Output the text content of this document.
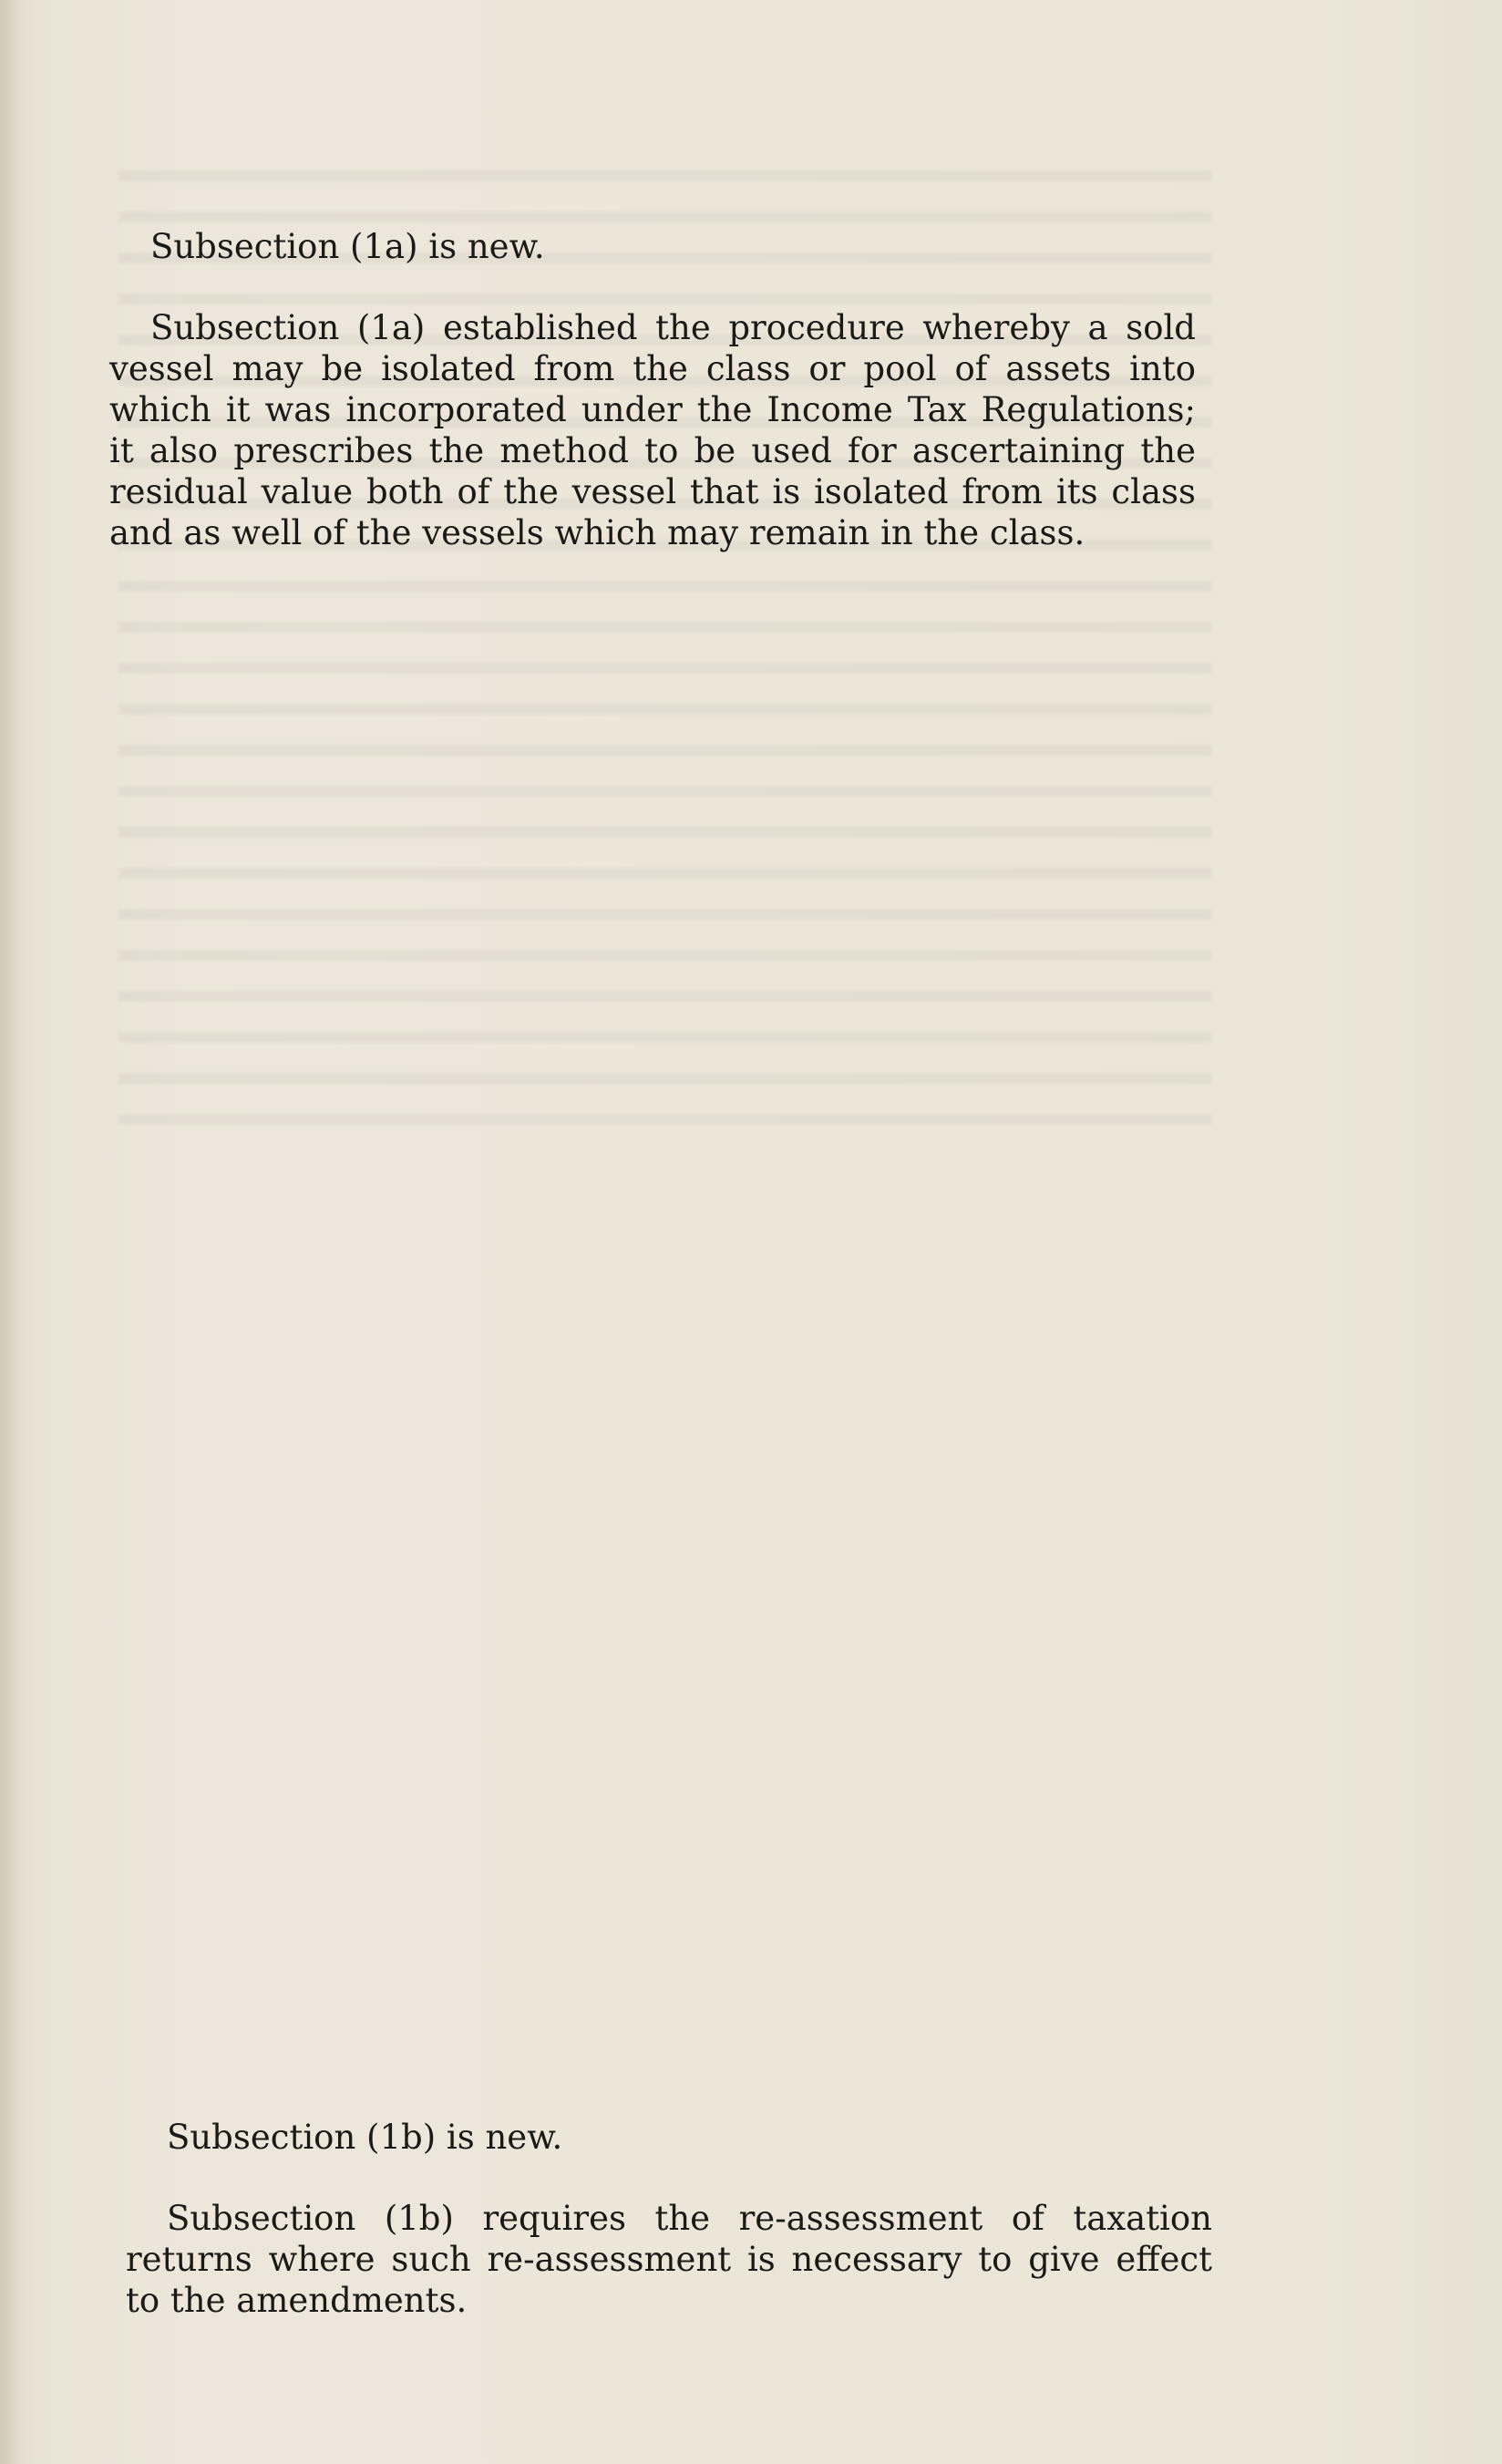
Subsection (1a) is new.

Subsection (1a) established the procedure whereby a sold vessel may be isolated from the class or pool of assets into which it was incorporated under the Income Tax Regulations; it also prescribes the method to be used for ascertaining the residual value both of the vessel that is isolated from its class and as well of the vessels which may remain in the class.

Subsection (1b) is new.

Subsection (1b) requires the re-assessment of taxation returns where such re-assessment is necessary to give effect to the amendments.
